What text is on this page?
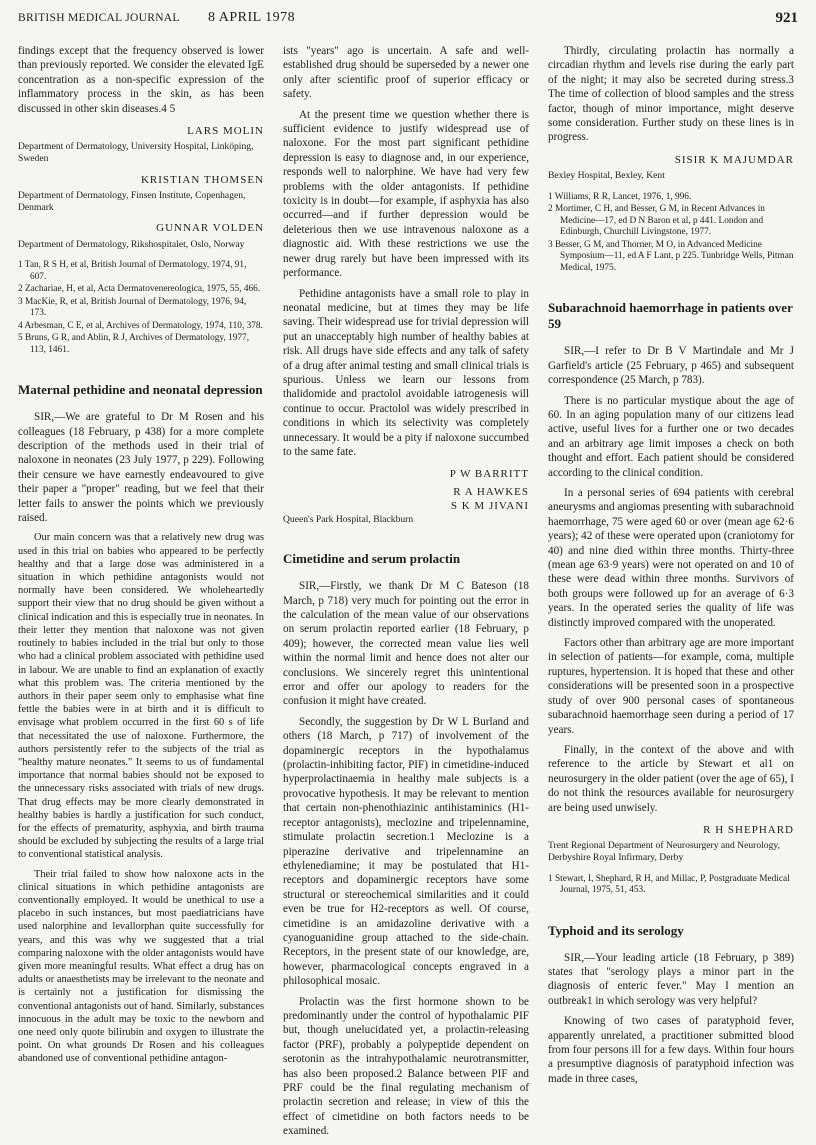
BRITISH MEDICAL JOURNAL 8 APRIL 1978	921

findings except that the frequency observed is lower than previously reported. We consider the elevated IgE concentration as a non-specific expression of the inflammatory process in the skin, as has been discussed in other skin diseases.4 5

LARS MOLIN
Department of Dermatology, University Hospital, Linköping, Sweden
KRISTIAN THOMSEN
Department of Dermatology, Finsen Institute, Copenhagen, Denmark
GUNNAR VOLDEN
Department of Dermatology, Rikshospitalet, Oslo, Norway
1 Tan, R S H, et al, British Journal of Dermatology, 1974, 91, 607.
2 Zachariae, H, et al, Acta Dermatovenereologica, 1975, 55, 466.
3 MacKie, R, et al, British Journal of Dermatology, 1976, 94, 173.
4 Arbesman, C E, et al, Archives of Dermatology, 1974, 110, 378.
5 Bruns, G R, and Ablin, R J, Archives of Dermatology, 1977, 113, 1461.
Maternal pethidine and neonatal depression

SIR,—We are grateful to Dr M Rosen and his colleagues (18 February, p 438) for a more complete description of the methods used in their trial of naloxone in neonates (23 July 1977, p 229). Following their censure we have earnestly endeavoured to give their paper a "proper" reading, but we feel that their letter fails to answer the points which we previously raised.

Our main concern was that a relatively new drug was used in this trial on babies who appeared to be perfectly healthy and that a large dose was administered in a situation in which pethidine antagonists would not normally have been considered. We wholeheartedly support their view that no drug should be given without a clinical indication and this is especially true in neonates. In their letter they mention that naloxone was not given routinely to babies included in the trial but only to those who had a clinical problem associated with pethidine used in labour. We are unable to find an explanation of exactly what this problem was. The criteria mentioned by the authors in their paper seem only to emphasise what fine fettle the babies were in at birth and it is difficult to envisage what problem occurred in the first 60 s of life that necessitated the use of naloxone. Furthermore, the authors persistently refer to the subjects of the trial as "healthy mature neonates." It seems to us of fundamental importance that normal babies should not be exposed to the unnecessary risks associated with trials of new drugs. That drug effects may be more clearly demonstrated in healthy babies is hardly a justification for such conduct, for the effects of prematurity, asphyxia, and birth trauma should be excluded by subjecting the results of a large trial to conventional statistical analysis.

Their trial failed to show how naloxone acts in the clinical situations in which pethidine antagonists are conventionally employed. It would be unethical to use a placebo in such instances, but most paediatricians have used nalorphine and levallorphan quite successfully for years, and this was why we suggested that a trial comparing naloxone with the older antagonists would have given more meaningful results. What effect a drug has on adults or anaesthetists may be irrelevant to the neonate and is certainly not a justification for dismissing the conventional antagonists out of hand. Similarly, substances innocuous in the adult may be toxic to the newborn and one need only quote bilirubin and oxygen to illustrate the point. On what grounds Dr Rosen and his colleagues abandoned use of conventional pethidine antagon-

ists "years" ago is uncertain. A safe and well-established drug should be superseded by a newer one only after scientific proof of superior efficacy or safety.

At the present time we question whether there is sufficient evidence to justify widespread use of naloxone. For the most part significant pethidine depression is easy to diagnose and, in our experience, responds well to nalorphine. We have had very few problems with the older antagonists. If pethidine toxicity is in doubt—for example, if asphyxia has also occurred—and if further depression would be deleterious then we use intravenous naloxone as a diagnostic aid. With these restrictions we use the newer drug rarely but have been impressed with its performance.

Pethidine antagonists have a small role to play in neonatal medicine, but at times they may be life saving. Their widespread use for trivial depression will put an unacceptably high number of healthy babies at risk. All drugs have side effects and any talk of safety of a drug after animal testing and small clinical trials is spurious. Unless we learn our lessons from thalidomide and practolol avoidable iatrogenesis will continue to occur. Practolol was widely prescribed in conditions in which its selectivity was completely unnecessary. It would be a pity if naloxone succumbed to the same fate.

P W BARRITT
R A HAWKES
S K M JIVANI
Queen's Park Hospital, Blackburn
Cimetidine and serum prolactin

SIR,—Firstly, we thank Dr M C Bateson (18 March, p 718) very much for pointing out the error in the calculation of the mean value of our observations on serum prolactin reported earlier (18 February, p 409); however, the corrected mean value lies well within the normal limit and hence does not alter our conclusions. We sincerely regret this unintentional error and offer our apology to readers for the confusion it might have created.

Secondly, the suggestion by Dr W L Burland and others (18 March, p 717) of involvement of the dopaminergic receptors in the hypothalamus (prolactin-inhibiting factor, PIF) in cimetidine-induced hyperprolactinaemia in healthy male subjects is a provocative hypothesis. It may be relevant to mention that certain non-phenothiazinic antihistaminics (H1-receptor antagonists), meclozine and tripelennamine, stimulate prolactin secretion.1 Meclozine is a piperazine derivative and tripelennamine an ethylenediamine; it may be postulated that H1-receptors and dopaminergic receptors have some structural or stereochemical similarities and it could even be true for H2-receptors as well. Of course, cimetidine is an amidazoline derivative with a cyanoguanidine group attached to the side-chain. Receptors, in the present state of our knowledge, are, however, pharmacological concepts engraved in a philosophical mosaic.

Prolactin was the first hormone shown to be predominantly under the control of hypothalamic PIF but, though unelucidated yet, a prolactin-releasing factor (PRF), probably a polypeptide dependent on serotonin as the intrahypothalamic neurotransmitter, has also been proposed.2 Balance between PIF and PRF could be the final regulating mechanism of prolactin secretion and release; in view of this the effect of cimetidine on both factors needs to be examined.

Thirdly, circulating prolactin has normally a circadian rhythm and levels rise during the early part of the night; it may also be secreted during stress.3 The time of collection of blood samples and the stress factor, though of minor importance, might deserve some consideration. Further study on these lines is in progress.

SISIR K MAJUMDAR
Bexley Hospital, Bexley, Kent
1 Williams, R R, Lancet, 1976, 1, 996.
2 Mortimer, C H, and Besser, G M, in Recent Advances in Medicine—17, ed D N Baron et al, p 441. London and Edinburgh, Churchill Livingstone, 1977.
3 Besser, G M, and Thorner, M O, in Advanced Medicine Symposium—11, ed A F Lant, p 225. Tunbridge Wells, Pitman Medical, 1975.
Subarachnoid haemorrhage in patients over 59

SIR,—I refer to Dr B V Martindale and Mr J Garfield's article (25 February, p 465) and subsequent correspondence (25 March, p 783).

There is no particular mystique about the age of 60. In an aging population many of our citizens lead active, useful lives for a further one or two decades and an arbitrary age limit imposes a check on both thought and effort. Each patient should be considered according to the clinical condition.

In a personal series of 694 patients with cerebral aneurysms and angiomas presenting with subarachnoid haemorrhage, 75 were aged 60 or over (mean age 62·6 years); 42 of these were operated upon (craniotomy for 40) and nine died within three months. Thirty-three (mean age 63·9 years) were not operated on and 10 of these were dead within three months. Survivors of both groups were followed up for an average of 6·3 years. In the operated series the quality of life was distinctly improved compared with the unoperated.

Factors other than arbitrary age are more important in selection of patients—for example, coma, multiple ruptures, hypertension. It is hoped that these and other considerations will be presented soon in a prospective study of over 900 personal cases of spontaneous subarachnoid haemorrhage seen during a period of 17 years.

Finally, in the context of the above and with reference to the article by Stewart et al1 on neurosurgery in the older patient (over the age of 65), I do not think the resources available for neurosurgery are being used unwisely.

R H SHEPHARD
Trent Regional Department of Neurosurgery and Neurology, Derbyshire Royal Infirmary, Derby
1 Stewart, I, Shephard, R H, and Millac, P, Postgraduate Medical Journal, 1975, 51, 453.
Typhoid and its serology

SIR,—Your leading article (18 February, p 389) states that "serology plays a minor part in the diagnosis of enteric fever." May I mention an outbreak1 in which serology was very helpful?

Knowing of two cases of paratyphoid fever, apparently unrelated, a practitioner submitted blood from four persons ill for a few days. Within four hours a presumptive diagnosis of paratyphoid infection was made in three cases,
